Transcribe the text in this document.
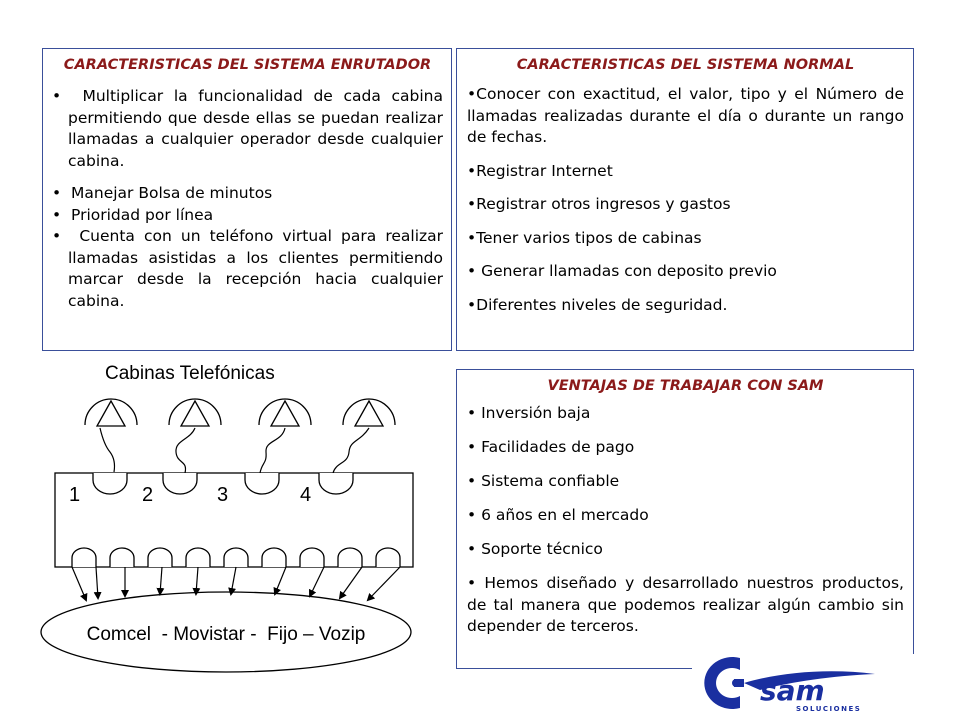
CARACTERISTICAS DEL SISTEMA ENRUTADOR
•  Multiplicar la funcionalidad de cada cabina permitiendo que desde ellas se puedan realizar llamadas a cualquier operador desde cualquier cabina.
•  Manejar Bolsa de minutos
•  Prioridad por línea
•  Cuenta con un teléfono virtual para realizar llamadas asistidas a los clientes permitiendo marcar desde la recepción hacia cualquier cabina.
CARACTERISTICAS DEL SISTEMA NORMAL
•Conocer con exactitud, el valor, tipo y el Número de llamadas realizadas durante el día o durante un rango de fechas.
•Registrar Internet
•Registrar otros ingresos y gastos
•Tener varios tipos de cabinas
• Generar llamadas con deposito previo
•Diferentes niveles de seguridad.
VENTAJAS DE TRABAJAR CON SAM
• Inversión baja
• Facilidades de pago
• Sistema confiable
• 6 años en el mercado
• Soporte técnico
• Hemos diseñado y desarrollado nuestros productos, de tal manera que podemos realizar algún cambio sin depender de terceros.
Cabinas Telefónicas
1	2	3	4
Comcel  - Movistar -  Fijo – Vozip
sam
SOLUCIONES
